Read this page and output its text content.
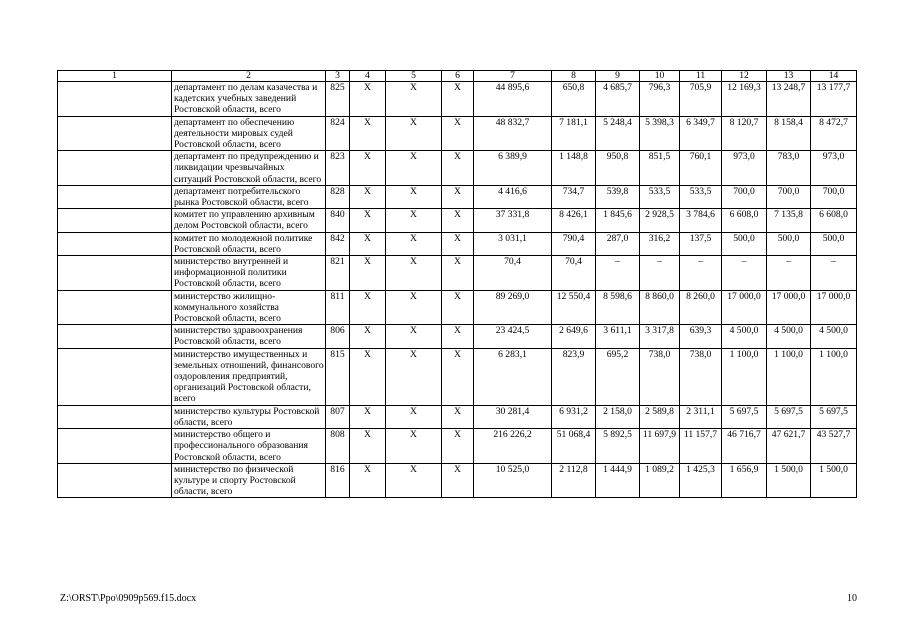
1	2	3	4	5	6	7	8	9	10	11	12	13	14
	департамент по делам казачества и кадетских учебных заведений Ростовской области, всего	825	X	X	X	44 895,6	650,8	4 685,7	796,3	705,9	12 169,3	13 248,7	13 177,7
	департамент по обеспечению деятельности мировых судей Ростовской области, всего	824	X	X	X	48 832,7	7 181,1	5 248,4	5 398,3	6 349,7	8 120,7	8 158,4	8 472,7
	департамент по предупреждению и ликвидации чрезвычайных ситуаций Ростовской области, всего	823	X	X	X	6 389,9	1 148,8	950,8	851,5	760,1	973,0	783,0	973,0
	департамент потребительского рынка Ростовской области, всего	828	X	X	X	4 416,6	734,7	539,8	533,5	533,5	700,0	700,0	700,0
	комитет по управлению архивным делом Ростовской области, всего	840	X	X	X	37 331,8	8 426,1	1 845,6	2 928,5	3 784,6	6 608,0	7 135,8	6 608,0
	комитет по молодежной политике Ростовской области, всего	842	X	X	X	3 031,1	790,4	287,0	316,2	137,5	500,0	500,0	500,0
	министерство внутренней и информационной политики Ростовской области, всего	821	X	X	X	70,4	70,4	–	–	–	–	–	–
	министерство жилищно-коммунального хозяйства Ростовской области, всего	811	X	X	X	89 269,0	12 550,4	8 598,6	8 860,0	8 260,0	17 000,0	17 000,0	17 000,0
	министерство здравоохранения Ростовской области, всего	806	X	X	X	23 424,5	2 649,6	3 611,1	3 317,8	639,3	4 500,0	4 500,0	4 500,0
	министерство имущественных и земельных отношений, финансового оздоровления предприятий, организаций Ростовской области, всего	815	X	X	X	6 283,1	823,9	695,2	738,0	738,0	1 100,0	1 100,0	1 100,0
	министерство культуры Ростовской области, всего	807	X	X	X	30 281,4	6 931,2	2 158,0	2 589,8	2 311,1	5 697,5	5 697,5	5 697,5
	министерство общего и профессионального образования Ростовской области, всего	808	X	X	X	216 226,2	51 068,4	5 892,5	11 697,9	11 157,7	46 716,7	47 621,7	43 527,7
	министерство по физической культуре и спорту Ростовской области, всего	816	X	X	X	10 525,0	2 112,8	1 444,9	1 089,2	1 425,3	1 656,9	1 500,0	1 500,0
Z:\ORST\Ppo\0909p569.f15.docx	10
